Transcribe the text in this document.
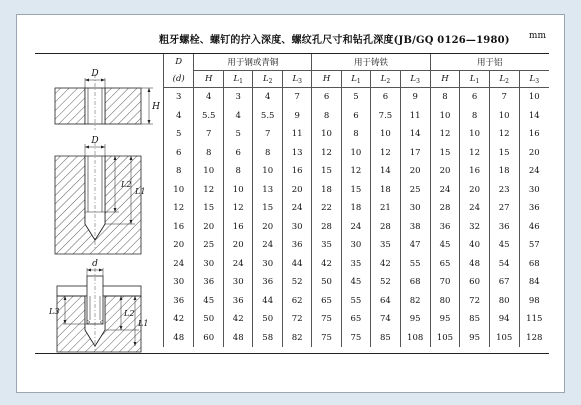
粗牙螺栓、螺钉的拧入深度、螺纹孔尺寸和钻孔深度(JB/GQ 0126—1980) mm
D
H
D
L2
L1
d
L3	L2
L1
D	用于钢或青铜				用于铸铁				用于铝			
(d)	H	$L_1$	$L_2$	$L_3$	H	$L_1$	$L_2$	$L_3$	H	$L_1$	$L_2$	$L_3$
3	4	3	4	7	6	5	6	9	8	6	7	10
4	5.5	4	5.5	9	8	6	7.5	11	10	8	10	14
5	7	5	7	11	10	8	10	14	12	10	12	16
6	8	6	8	13	12	10	12	17	15	12	15	20
8	10	8	10	16	15	12	14	20	20	16	18	24
10	12	10	13	20	18	15	18	25	24	20	23	30
12	15	12	15	24	22	18	21	30	28	24	27	36
16	20	16	20	30	28	24	28	38	36	32	36	46
20	25	20	24	36	35	30	35	47	45	40	45	57
24	30	24	30	44	42	35	42	55	65	48	54	68
30	36	30	36	52	50	45	52	68	70	60	67	84
36	45	36	44	62	65	55	64	82	80	72	80	98
42	50	42	50	72	75	65	74	95	95	85	94	115
48	60	48	58	82	75	75	85	108	105	95	105	128
